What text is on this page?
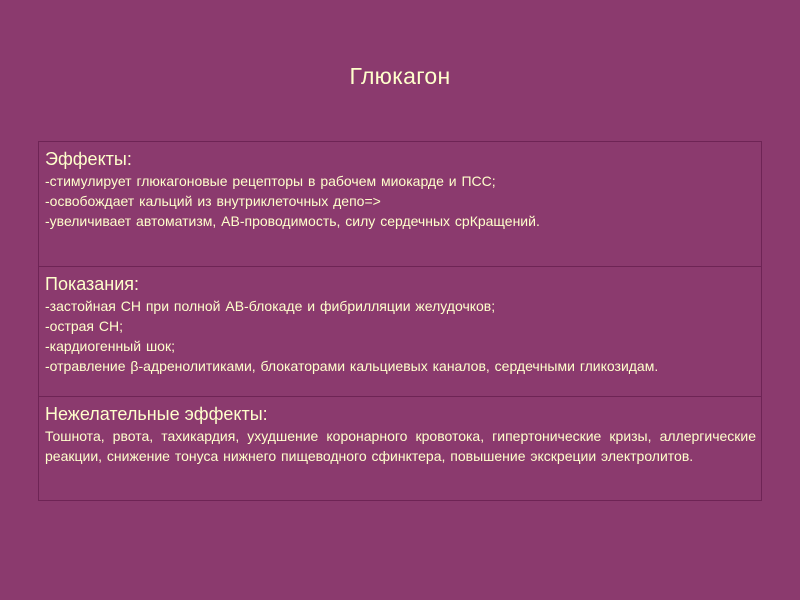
Глюкагон
Эффекты:
-стимулирует глюкагоновые рецепторы в рабочем миокарде и ПСС;
-освобождает кальций из внутриклеточных депо=>
-увеличивает автоматизм, АВ-проводимость, силу сердечных срКращений.

Показания:
-застойная СН при полной АВ-блокаде и фибрилляции желудочков;
-острая СН;
-кардиогенный шок;
-отравление β-адренолитиками, блокаторами кальциевых каналов, сердечными гликозидам.

Нежелательные эффекты:
Тошнота, рвота, тахикардия, ухудшение коронарного кровотока, гипертонические кризы, аллергические реакции, снижение тонуса нижнего пищеводного сфинктера, повышение экскреции электролитов.
